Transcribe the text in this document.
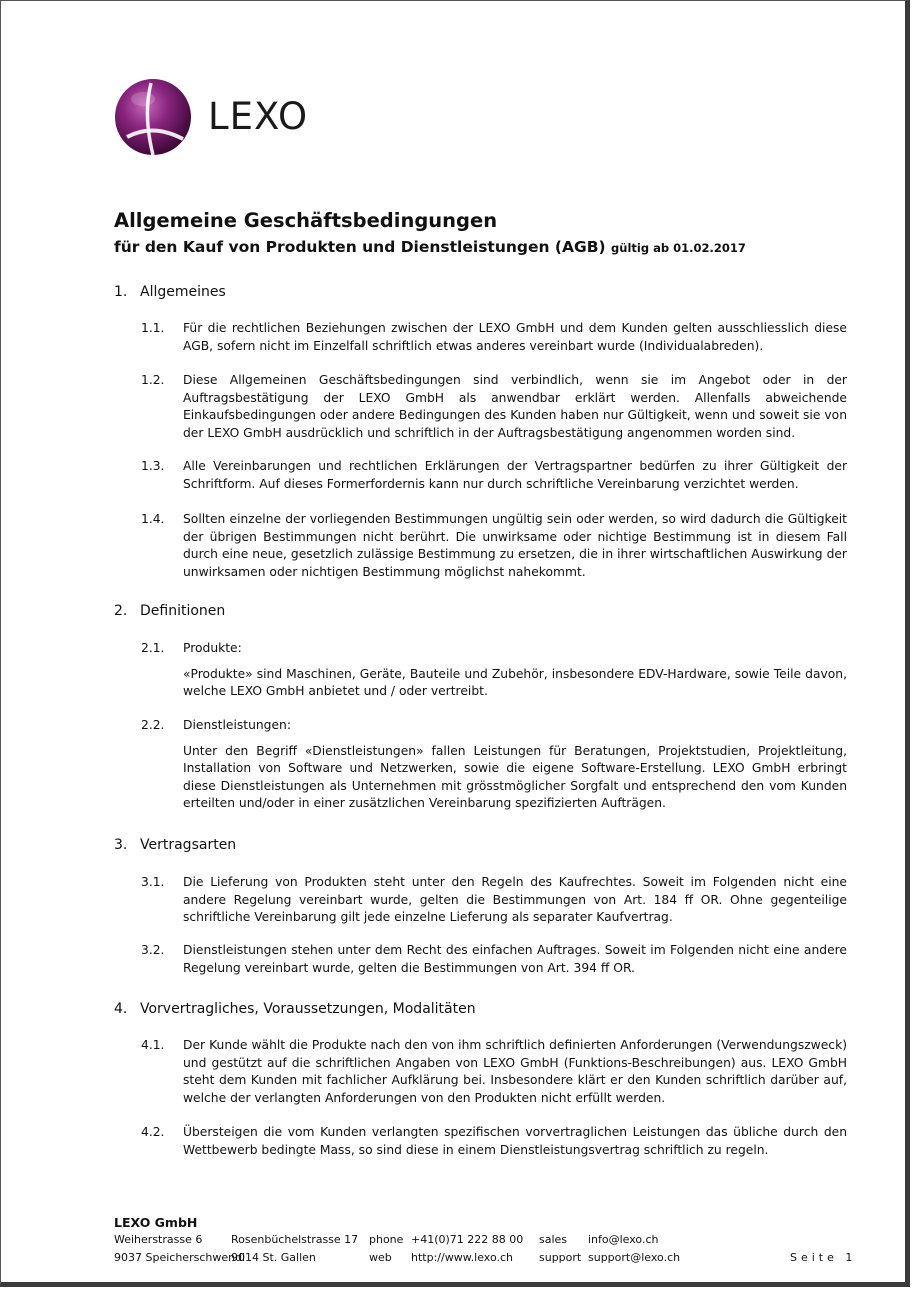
LEXO
Allgemeine Geschäftsbedingungen
für den Kauf von Produkten und Dienstleistungen (AGB) gültig ab 01.02.2017
1. Allgemeines
1.1. Für die rechtlichen Beziehungen zwischen der LEXO GmbH und dem Kunden gelten ausschliesslich diese AGB, sofern nicht im Einzelfall schriftlich etwas anderes vereinbart wurde (Individualabreden).

1.2. Diese Allgemeinen Geschäftsbedingungen sind verbindlich, wenn sie im Angebot oder in der Auftragsbestätigung der LEXO GmbH als anwendbar erklärt werden. Allenfalls abweichende Einkaufsbedingungen oder andere Bedingungen des Kunden haben nur Gültigkeit, wenn und soweit sie von der LEXO GmbH ausdrücklich und schriftlich in der Auftragsbestätigung angenommen worden sind.

1.3. Alle Vereinbarungen und rechtlichen Erklärungen der Vertragspartner bedürfen zu ihrer Gültigkeit der Schriftform. Auf dieses Formerfordernis kann nur durch schriftliche Vereinbarung verzichtet werden.

1.4. Sollten einzelne der vorliegenden Bestimmungen ungültig sein oder werden, so wird dadurch die Gültigkeit der übrigen Bestimmungen nicht berührt. Die unwirksame oder nichtige Bestimmung ist in diesem Fall durch eine neue, gesetzlich zulässige Bestimmung zu ersetzen, die in ihrer wirtschaftlichen Auswirkung der unwirksamen oder nichtigen Bestimmung möglichst nahekommt.

2. Definitionen
2.1. Produkte:

«Produkte» sind Maschinen, Geräte, Bauteile und Zubehör, insbesondere EDV-Hardware, sowie Teile davon, welche LEXO GmbH anbietet und / oder vertreibt.

2.2. Dienstleistungen:

Unter den Begriff «Dienstleistungen» fallen Leistungen für Beratungen, Projektstudien, Projektleitung, Installation von Software und Netzwerken, sowie die eigene Software-Erstellung. LEXO GmbH erbringt diese Dienstleistungen als Unternehmen mit grösstmöglicher Sorgfalt und entsprechend den vom Kunden erteilten und/oder in einer zusätzlichen Vereinbarung spezifizierten Aufträgen.

3. Vertragsarten
3.1. Die Lieferung von Produkten steht unter den Regeln des Kaufrechtes. Soweit im Folgenden nicht eine andere Regelung vereinbart wurde, gelten die Bestimmungen von Art. 184 ff OR. Ohne gegenteilige schriftliche Vereinbarung gilt jede einzelne Lieferung als separater Kaufvertrag.

3.2. Dienstleistungen stehen unter dem Recht des einfachen Auftrages. Soweit im Folgenden nicht eine andere Regelung vereinbart wurde, gelten die Bestimmungen von Art. 394 ff OR.

4. Vorvertragliches, Voraussetzungen, Modalitäten
4.1. Der Kunde wählt die Produkte nach den von ihm schriftlich definierten Anforderungen (Verwendungszweck) und gestützt auf die schriftlichen Angaben von LEXO GmbH (Funktions-Beschreibungen) aus. LEXO GmbH steht dem Kunden mit fachlicher Aufklärung bei. Insbesondere klärt er den Kunden schriftlich darüber auf, welche der verlangten Anforderungen von den Produkten nicht erfüllt werden.

4.2. Übersteigen die vom Kunden verlangten spezifischen vorvertraglichen Leistungen das übliche durch den Wettbewerb bedingte Mass, so sind diese in einem Dienstleistungsvertrag schriftlich zu regeln.

LEXO GmbH
Weiherstrasse 6	Rosenbüchelstrasse 17 phone +41(0)71 222 88 00 sales info@lexo.ch
9037 Speicherschwendi
9014 St. Gallen	web http://www.lexo.ch support support@lexo.ch	Seite 1
